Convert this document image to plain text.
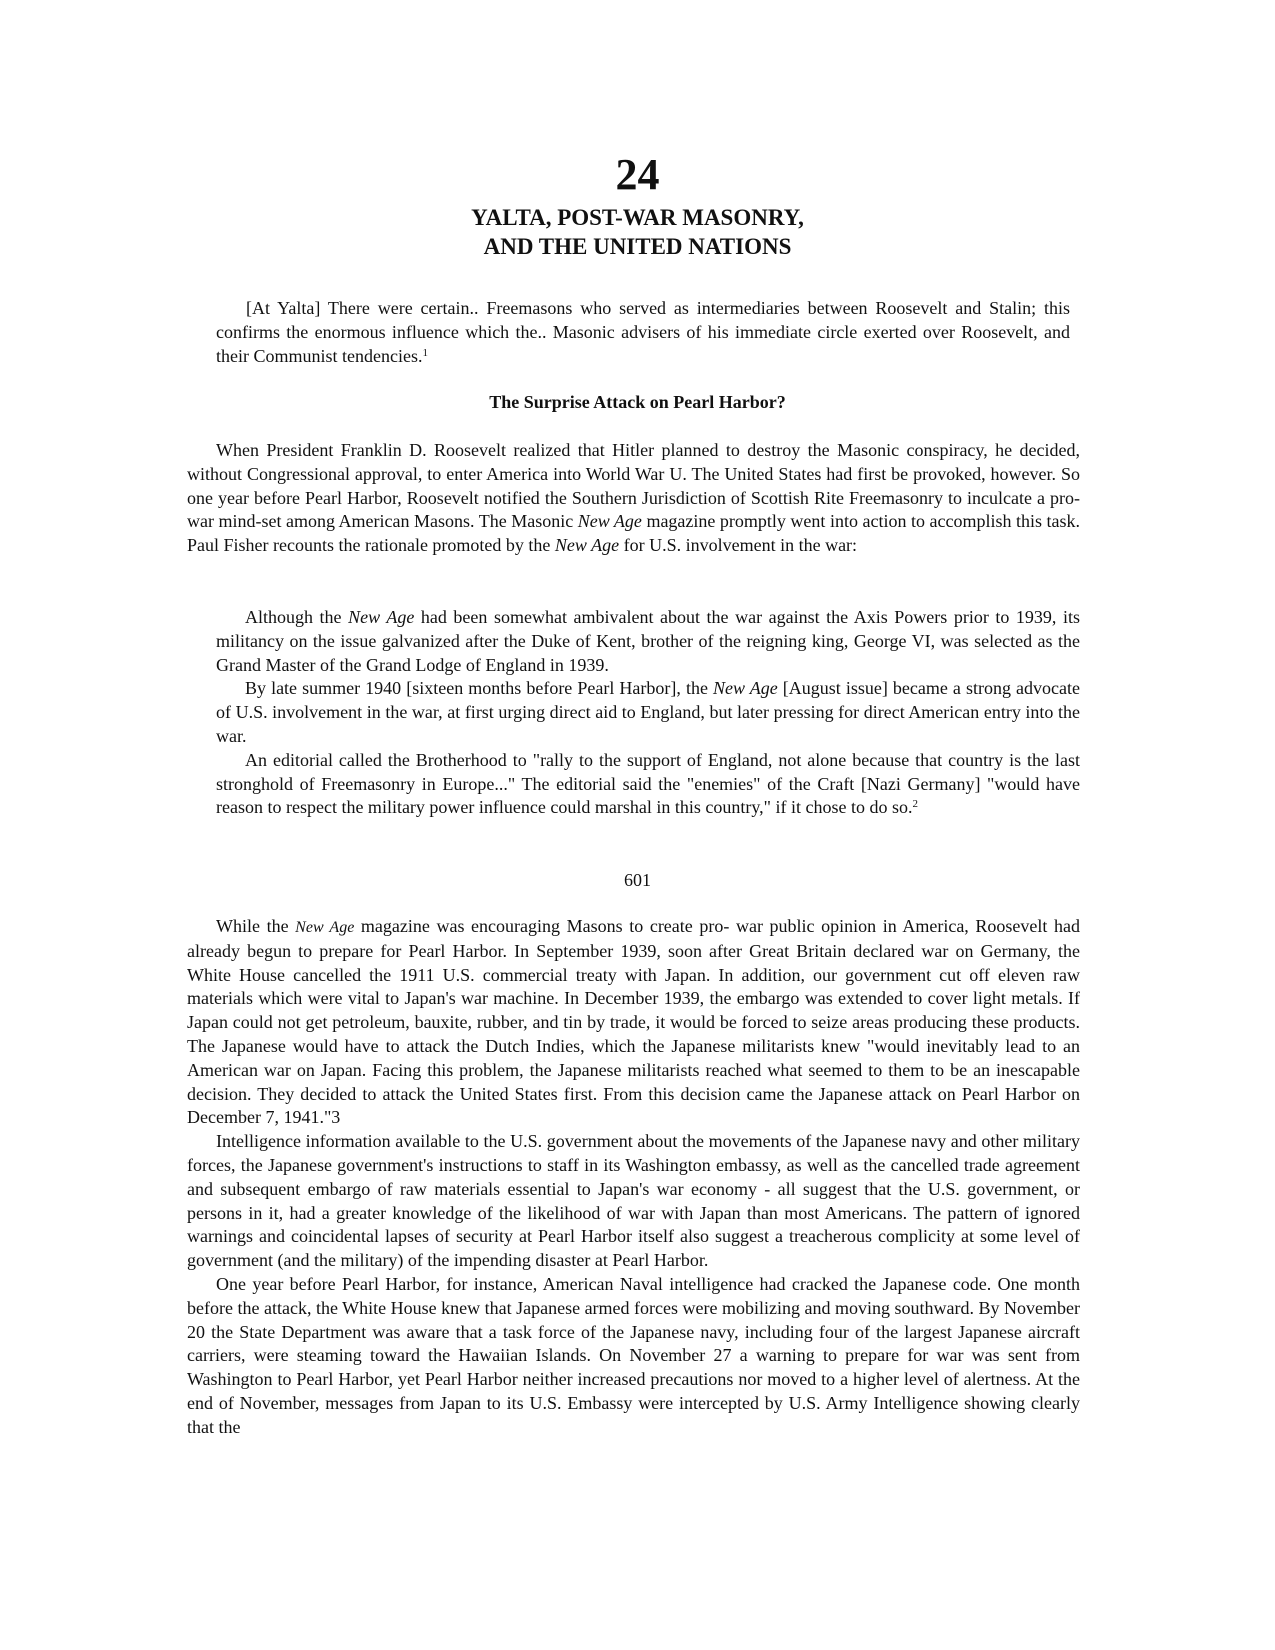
24
YALTA, POST-WAR MASONRY,
AND THE UNITED NATIONS

[At Yalta] There were certain.. Freemasons who served as intermediaries between Roosevelt and Stalin; this confirms the enormous influence which the.. Masonic advisers of his immediate circle exerted over Roosevelt, and their Communist tendencies.$^1$

The Surprise Attack on Pearl Harbor?

When President Franklin D. Roosevelt realized that Hitler planned to destroy the Masonic conspiracy, he decided, without Congressional approval, to enter America into World War U. The United States had first be provoked, however. So one year before Pearl Harbor, Roosevelt notified the Southern Jurisdiction of Scottish Rite Freemasonry to inculcate a pro-war mind-set among American Masons. The Masonic New Age magazine promptly went into action to accomplish this task. Paul Fisher recounts the rationale promoted by the New Age for U.S. involvement in the war:

Although the New Age had been somewhat ambivalent about the war against the Axis Powers prior to 1939, its militancy on the issue galvanized after the Duke of Kent, brother of the reigning king, George VI, was selected as the Grand Master of the Grand Lodge of England in 1939.

By late summer 1940 [sixteen months before Pearl Harbor], the New Age [August issue] became a strong advocate of U.S. involvement in the war, at first urging direct aid to England, but later pressing for direct American entry into the war.

An editorial called the Brotherhood to "rally to the support of England, not alone because that country is the last stronghold of Freemasonry in Europe..." The editorial said the "enemies" of the Craft [Nazi Germany] "would have reason to respect the military power influence could marshal in this country," if it chose to do so.$^2$

601

While the New Age magazine was encouraging Masons to create pro- war public opinion in America, Roosevelt had already begun to prepare for Pearl Harbor. In September 1939, soon after Great Britain declared war on Germany, the White House cancelled the 1911 U.S. commercial treaty with Japan. In addition, our government cut off eleven raw materials which were vital to Japan's war machine. In December 1939, the embargo was extended to cover light metals. If Japan could not get petroleum, bauxite, rubber, and tin by trade, it would be forced to seize areas producing these products. The Japanese would have to attack the Dutch Indies, which the Japanese militarists knew "would inevitably lead to an American war on Japan. Facing this problem, the Japanese militarists reached what seemed to them to be an inescapable decision. They decided to attack the United States first. From this decision came the Japanese attack on Pearl Harbor on December 7, 1941."3

Intelligence information available to the U.S. government about the movements of the Japanese navy and other military forces, the Japanese government's instructions to staff in its Washington embassy, as well as the cancelled trade agreement and subsequent embargo of raw materials essential to Japan's war economy - all suggest that the U.S. government, or persons in it, had a greater knowledge of the likelihood of war with Japan than most Americans. The pattern of ignored warnings and coincidental lapses of security at Pearl Harbor itself also suggest a treacherous complicity at some level of government (and the military) of the impending disaster at Pearl Harbor.

One year before Pearl Harbor, for instance, American Naval intelligence had cracked the Japanese code. One month before the attack, the White House knew that Japanese armed forces were mobilizing and moving southward. By November 20 the State Department was aware that a task force of the Japanese navy, including four of the largest Japanese aircraft carriers, were steaming toward the Hawaiian Islands. On November 27 a warning to prepare for war was sent from Washington to Pearl Harbor, yet Pearl Harbor neither increased precautions nor moved to a higher level of alertness. At the end of November, messages from Japan to its U.S. Embassy were intercepted by U.S. Army Intelligence showing clearly that the
